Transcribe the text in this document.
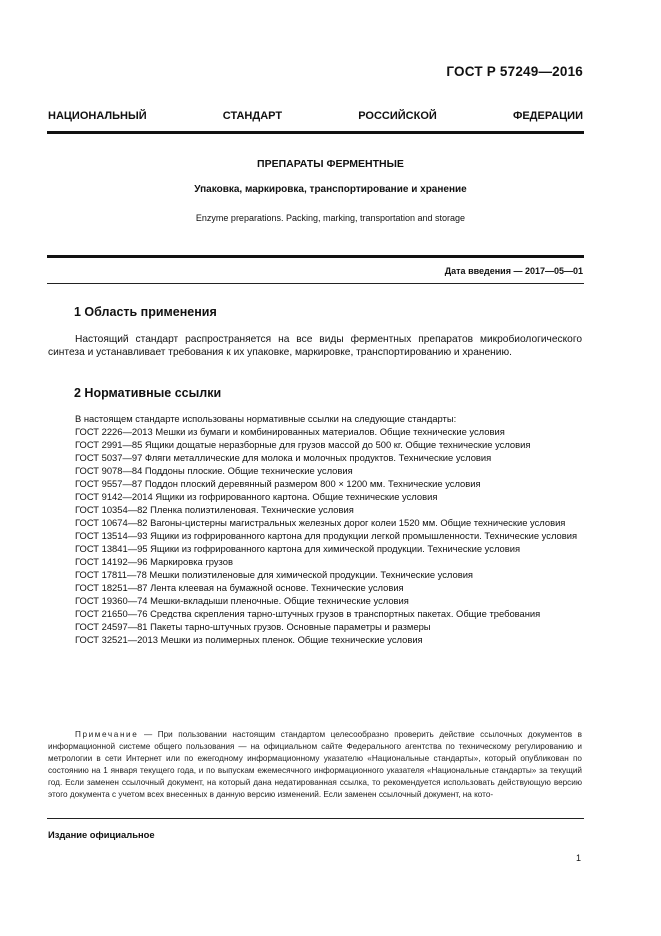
ГОСТ Р 57249—2016
НАЦИОНАЛЬНЫЙ	СТАНДАРТ	РОССИЙСКОЙ	ФЕДЕРАЦИИ
ПРЕПАРАТЫ ФЕРМЕНТНЫЕ
Упаковка, маркировка, транспортирование и хранение
Enzyme preparations. Packing, marking, transportation and storage
Дата введения — 2017—05—01
1 Область применения
Настоящий стандарт распространяется на все виды ферментных препаратов микробиологического синтеза и устанавливает требования к их упаковке, маркировке, транспортированию и хранению.
2 Нормативные ссылки

В настоящем стандарте использованы нормативные ссылки на следующие стандарты:

ГОСТ 2226—2013 Мешки из бумаги и комбинированных материалов. Общие технические условия

ГОСТ 2991—85 Ящики дощатые неразборные для грузов массой до 500 кг. Общие технические условия

ГОСТ 5037—97 Фляги металлические для молока и молочных продуктов. Технические условия

ГОСТ 9078—84 Поддоны плоские. Общие технические условия

ГОСТ 9557—87 Поддон плоский деревянный размером 800 × 1200 мм. Технические условия

ГОСТ 9142—2014 Ящики из гофрированного картона. Общие технические условия

ГОСТ 10354—82 Пленка полиэтиленовая. Технические условия

ГОСТ 10674—82 Вагоны-цистерны магистральных железных дорог колеи 1520 мм. Общие технические условия

ГОСТ 13514—93 Ящики из гофрированного картона для продукции легкой промышленности. Технические условия

ГОСТ 13841—95 Ящики из гофрированного картона для химической продукции. Технические условия

ГОСТ 14192—96 Маркировка грузов

ГОСТ 17811—78 Мешки полиэтиленовые для химической продукции. Технические условия

ГОСТ 18251—87 Лента клеевая на бумажной основе. Технические условия

ГОСТ 19360—74 Мешки-вкладыши пленочные. Общие технические условия

ГОСТ 21650—76 Средства скрепления тарно-штучных грузов в транспортных пакетах. Общие требования

ГОСТ 24597—81 Пакеты тарно-штучных грузов. Основные параметры и размеры

ГОСТ 32521—2013 Мешки из полимерных пленок. Общие технические условия

Примечание — При пользовании настоящим стандартом целесообразно проверить действие ссылочных документов в информационной системе общего пользования — на официальном сайте Федерального агентства по техническому регулированию и метрологии в сети Интернет или по ежегодному информационному указателю «Национальные стандарты», который опубликован по состоянию на 1 января текущего года, и по выпускам ежемесячного информационного указателя «Национальные стандарты» за текущий год. Если заменен ссылочный документ, на который дана недатированная ссылка, то рекомендуется использовать действующую версию этого документа с учетом всех внесенных в данную версию изменений. Если заменен ссылочный документ, на кото-
Издание официальное
1
